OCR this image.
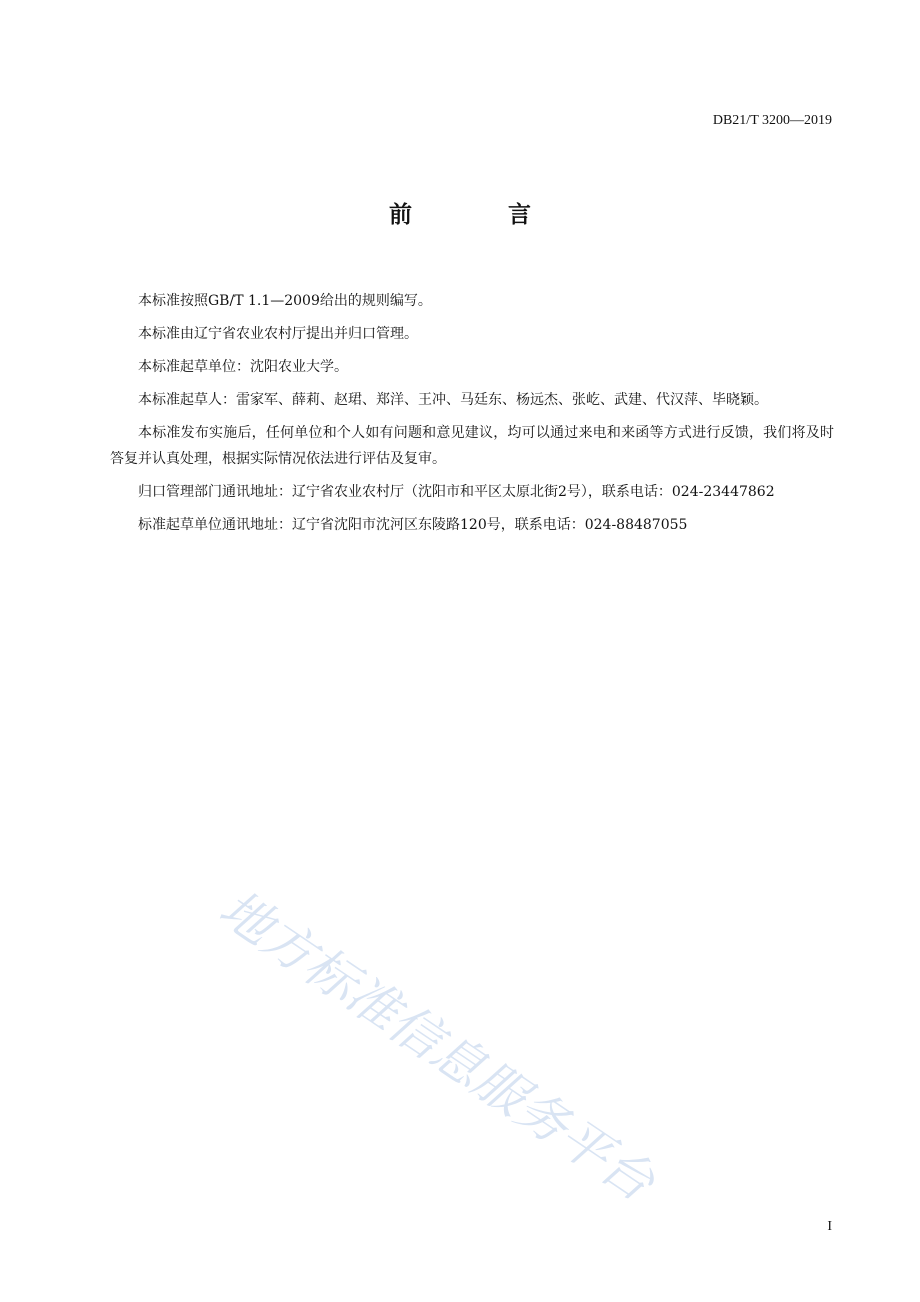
DB21/T 3200—2019
前 言

本标准按照GB/T 1.1—2009给出的规则编写。

本标准由辽宁省农业农村厅提出并归口管理。

本标准起草单位：沈阳农业大学。

本标准起草人：雷家军、薛莉、赵珺、郑洋、王冲、马廷东、杨远杰、张屹、武建、代汉萍、毕晓颖。

本标准发布实施后，任何单位和个人如有问题和意见建议，均可以通过来电和来函等方式进行反馈，我们将及时答复并认真处理，根据实际情况依法进行评估及复审。

归口管理部门通讯地址：辽宁省农业农村厅（沈阳市和平区太原北街2号），联系电话：024-23447862

标准起草单位通讯地址：辽宁省沈阳市沈河区东陵路120号，联系电话：024-88487055

地方标准信息服务平台
I
